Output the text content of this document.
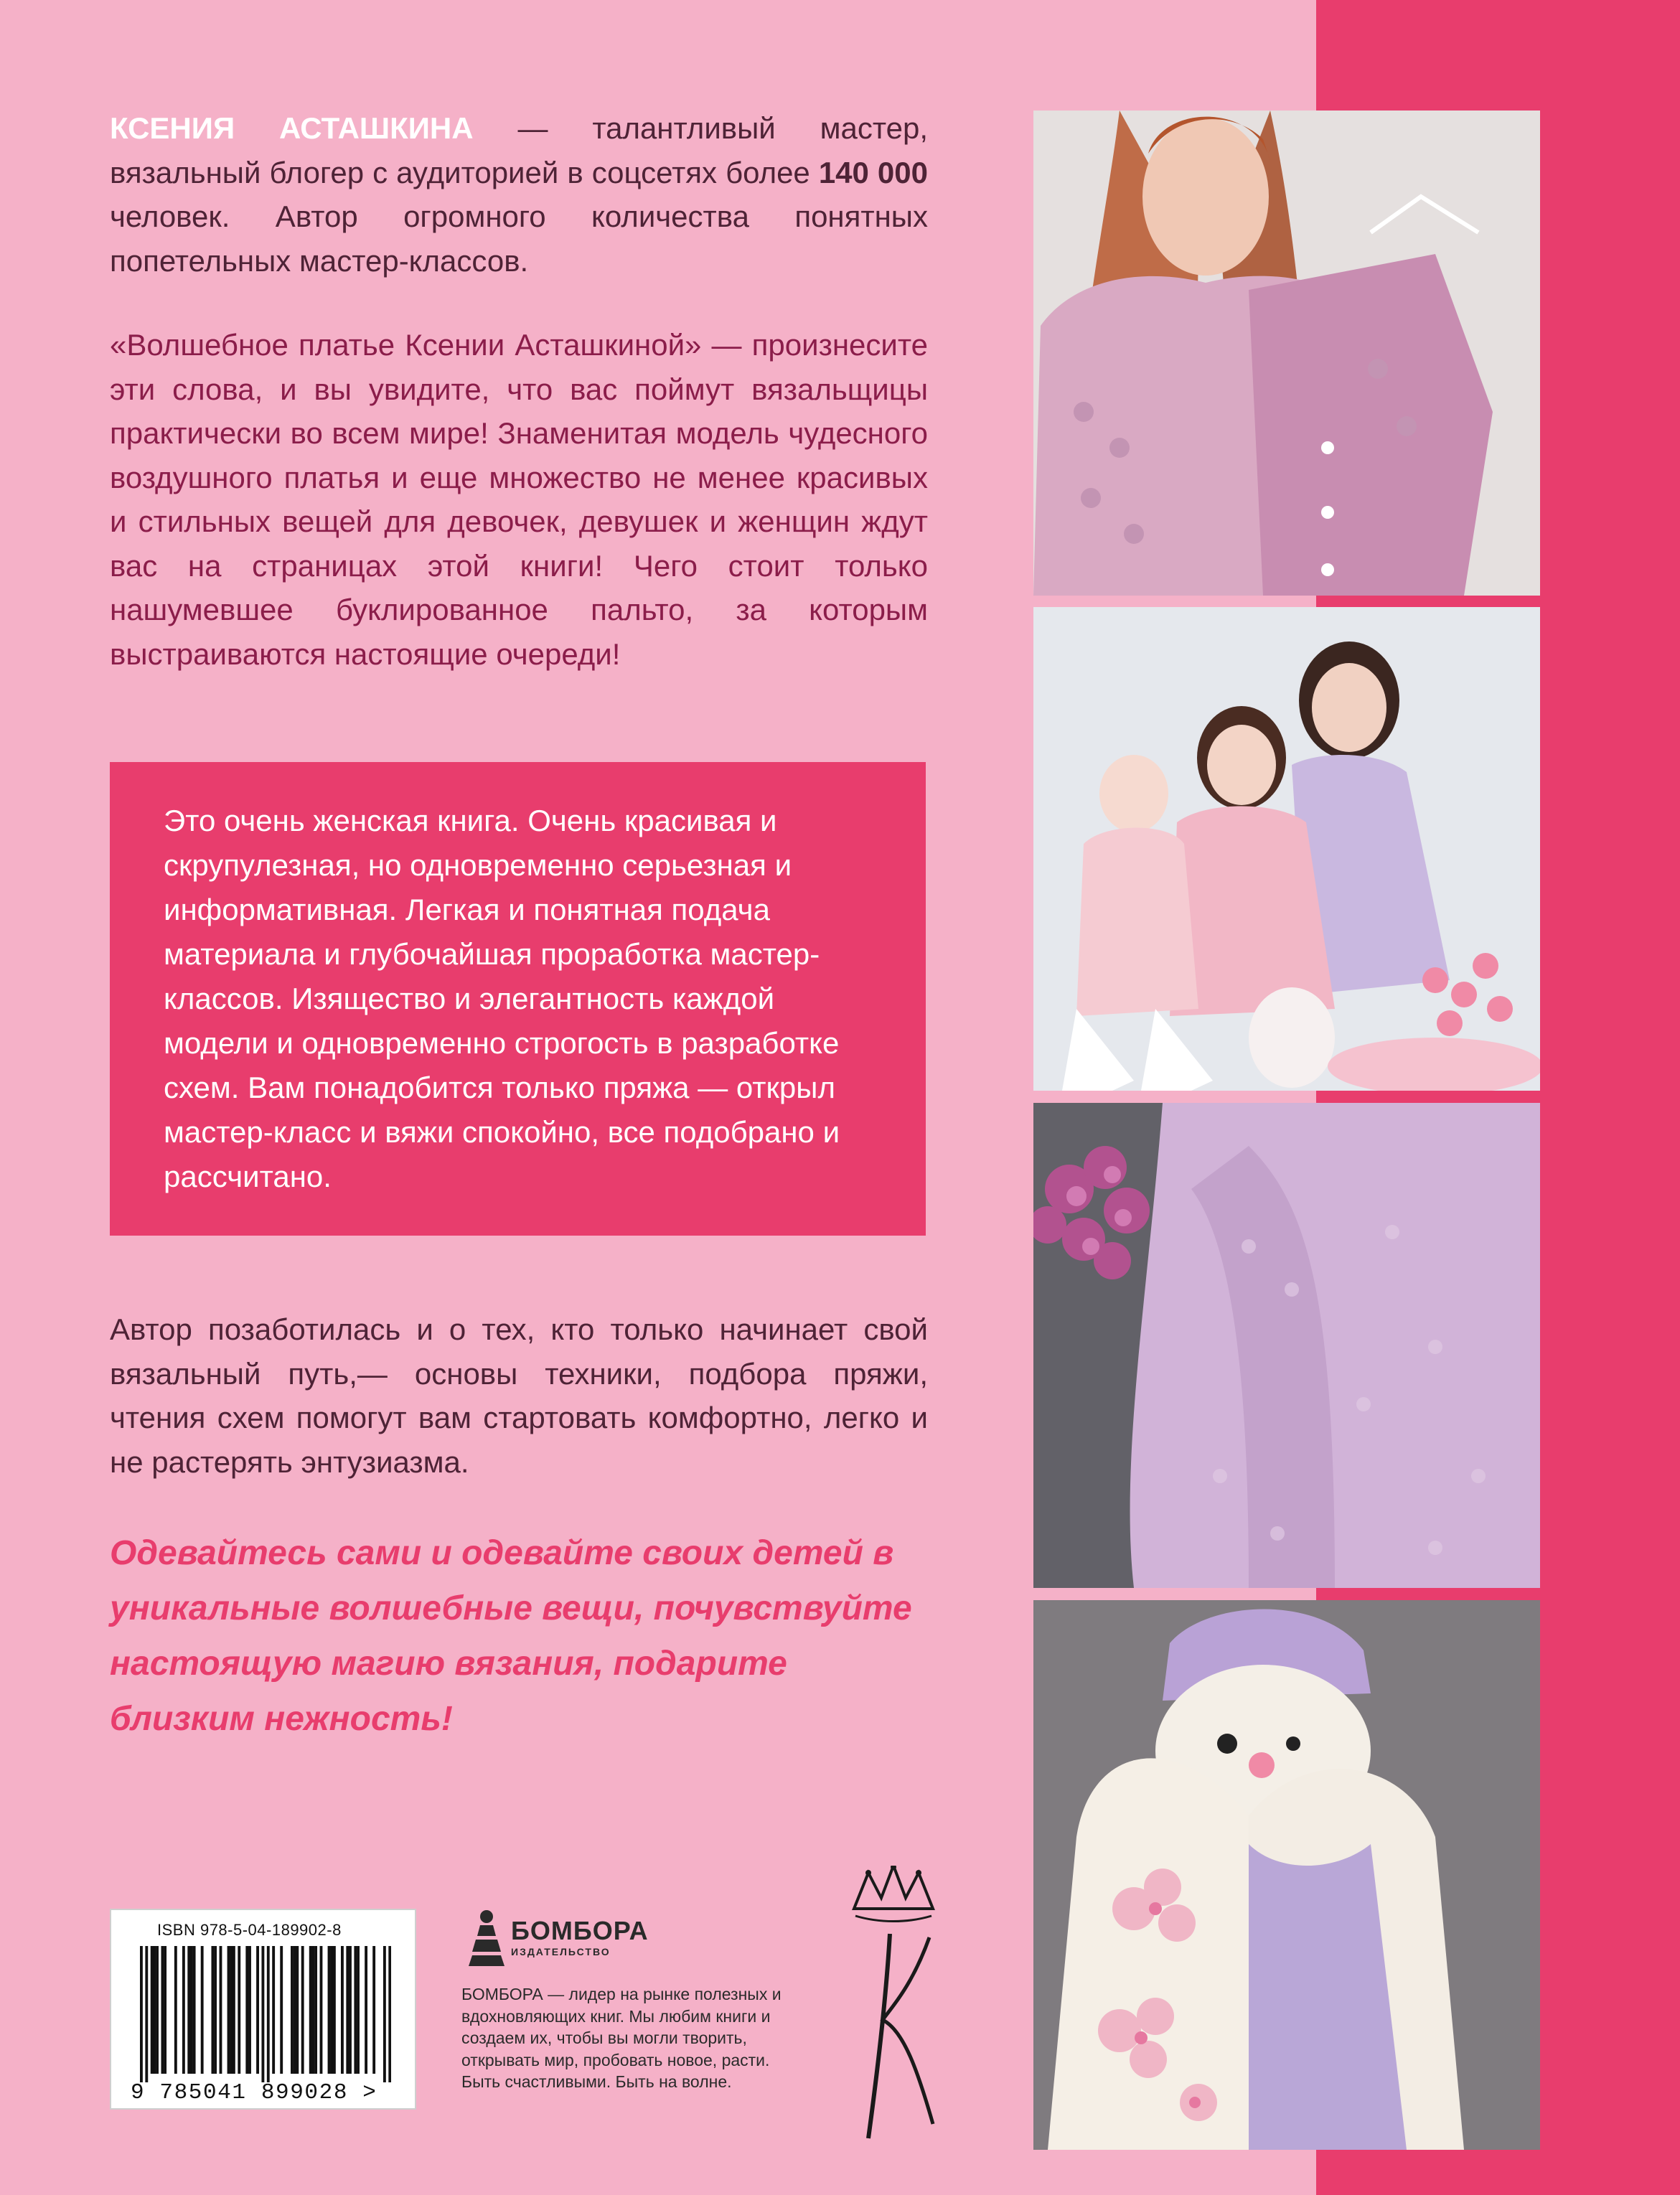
КСЕНИЯ АСТАШКИНА — талантливый мастер, вязальный блогер с аудиторией в соцсетях более 140 000 человек. Автор огромного количества понятных попетельных мастер-классов.
«Волшебное платье Ксении Асташкиной» — произнесите эти слова, и вы увидите, что вас поймут вязальщицы практически во всем мире! Знаменитая модель чудесного воздушного платья и еще множество не менее красивых и стильных вещей для девочек, девушек и женщин ждут вас на страницах этой книги! Чего стоит только нашумевшее буклированное пальто, за которым выстраиваются настоящие очереди!

Это очень женская книга. Очень красивая и скрупулезная, но одновременно серьезная и информативная. Легкая и понятная подача материала и глубочайшая проработка мастер-классов. Изящество и элегантность каждой модели и одновременно строгость в разработке схем. Вам понадобится только пряжа — открыл мастер-класс и вяжи спокойно, все подобрано и рассчитано.

Автор позаботилась и о тех, кто только начинает свой вязальный путь,— основы техники, подбора пряжи, чтения схем помогут вам стартовать комфортно, легко и не растерять энтузиазма.
Одевайтесь сами и одевайте своих детей в уникальные волшебные вещи, почувствуйте настоящую магию вязания, подарите близким нежность!
ISBN 978-5-04-189902-8
9 785041 899028 >
БОМБОРА
ИЗДАТЕЛЬСТВО
БОМБОРА — лидер на рынке полезных и вдохновляющих книг. Мы любим книги и создаем их, чтобы вы могли творить, открывать мир, пробовать новое, расти. Быть счастливыми. Быть на волне.
